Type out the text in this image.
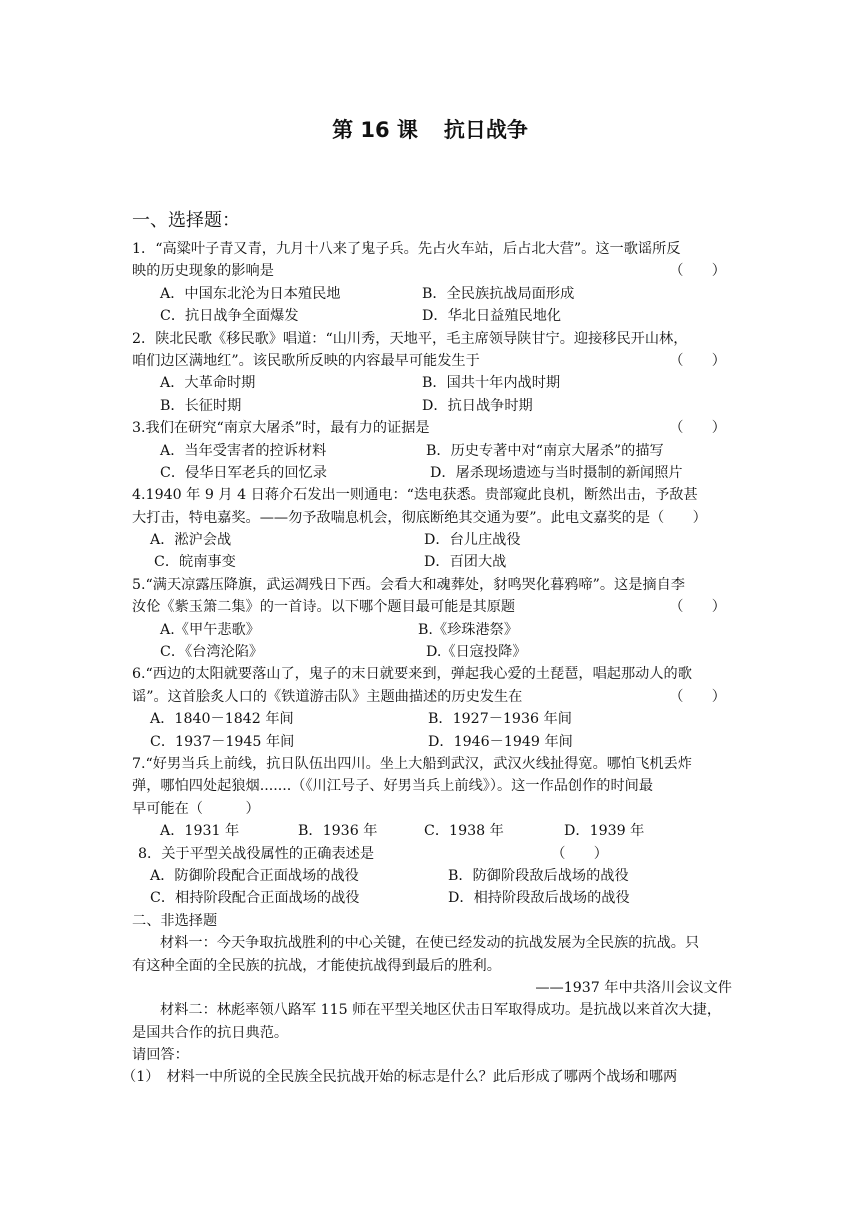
第 16 课 抗日战争
一、选择题：
1．“高粱叶子青又青，九月十八来了鬼子兵。先占火车站，后占北大营”。这一歌谣所反
映的历史现象的影响是	（　　）
A．中国东北沦为日本殖民地	B．全民族抗战局面形成
C．抗日战争全面爆发	D．华北日益殖民地化
2．陕北民歌《移民歌》唱道：“山川秀，天地平，毛主席领导陕甘宁。迎接移民开山林，
咱们边区满地红”。该民歌所反映的内容最早可能发生于	（　　）
A．大革命时期	B．国共十年内战时期
B．长征时期	D．抗日战争时期
3.我们在研究“南京大屠杀”时，最有力的证据是	（　　）
A．当年受害者的控诉材料	B．历史专著中对“南京大屠杀”的描写
C．侵华日军老兵的回忆录	D．屠杀现场遗迹与当时摄制的新闻照片
4.1940 年 9 月 4 日蒋介石发出一则通电：“迭电获悉。贵部窥此良机，断然出击，予敌甚
大打击，特电嘉奖。——勿予敌喘息机会，彻底断绝其交通为要”。此电文嘉奖的是（　　）
A．淞沪会战	D．台儿庄战役
C．皖南事变	D．百团大战
5.“满天凉露压降旗，武运凋残日下西。会看大和魂葬处，豺鸣哭化暮鸦啼”。这是摘自李
汝伦《紫玉箫二集》的一首诗。以下哪个题目最可能是其原题	（　　）
A.《甲午悲歌》	B.《珍珠港祭》
C．《台湾沦陷》	D.《日寇投降》
6.“西边的太阳就要落山了，鬼子的末日就要来到，弹起我心爱的土琵琶，唱起那动人的歌
谣”。这首脍炙人口的《铁道游击队》主题曲描述的历史发生在	（　　）
A．1840－1842 年间	B．1927－1936 年间
C．1937－1945 年间	D．1946－1949 年间
7.“好男当兵上前线，抗日队伍出四川。坐上大船到武汉，武汉火线扯得宽。哪怕飞机丢炸
弹，哪怕四处起狼烟.......（《川江号子、好男当兵上前线》）。这一作品创作的时间最
早可能在（　　　）
A．1931 年	B．1936 年	C．1938 年	D．1939 年
8．关于平型关战役属性的正确表述是	（　　）
A．防御阶段配合正面战场的战役	B．防御阶段敌后战场的战役
C．相持阶段配合正面战场的战役	D．相持阶段敌后战场的战役
二、非选择题
材料一：今天争取抗战胜利的中心关键，在使已经发动的抗战发展为全民族的抗战。只
有这种全面的全民族的抗战，才能使抗战得到最后的胜利。
——1937 年中共洛川会议文件
材料二：林彪率领八路军 115 师在平型关地区伏击日军取得成功。是抗战以来首次大捷，
是国共合作的抗日典范。
请回答：
（1）　材料一中所说的全民族全民抗战开始的标志是什么？此后形成了哪两个战场和哪两
